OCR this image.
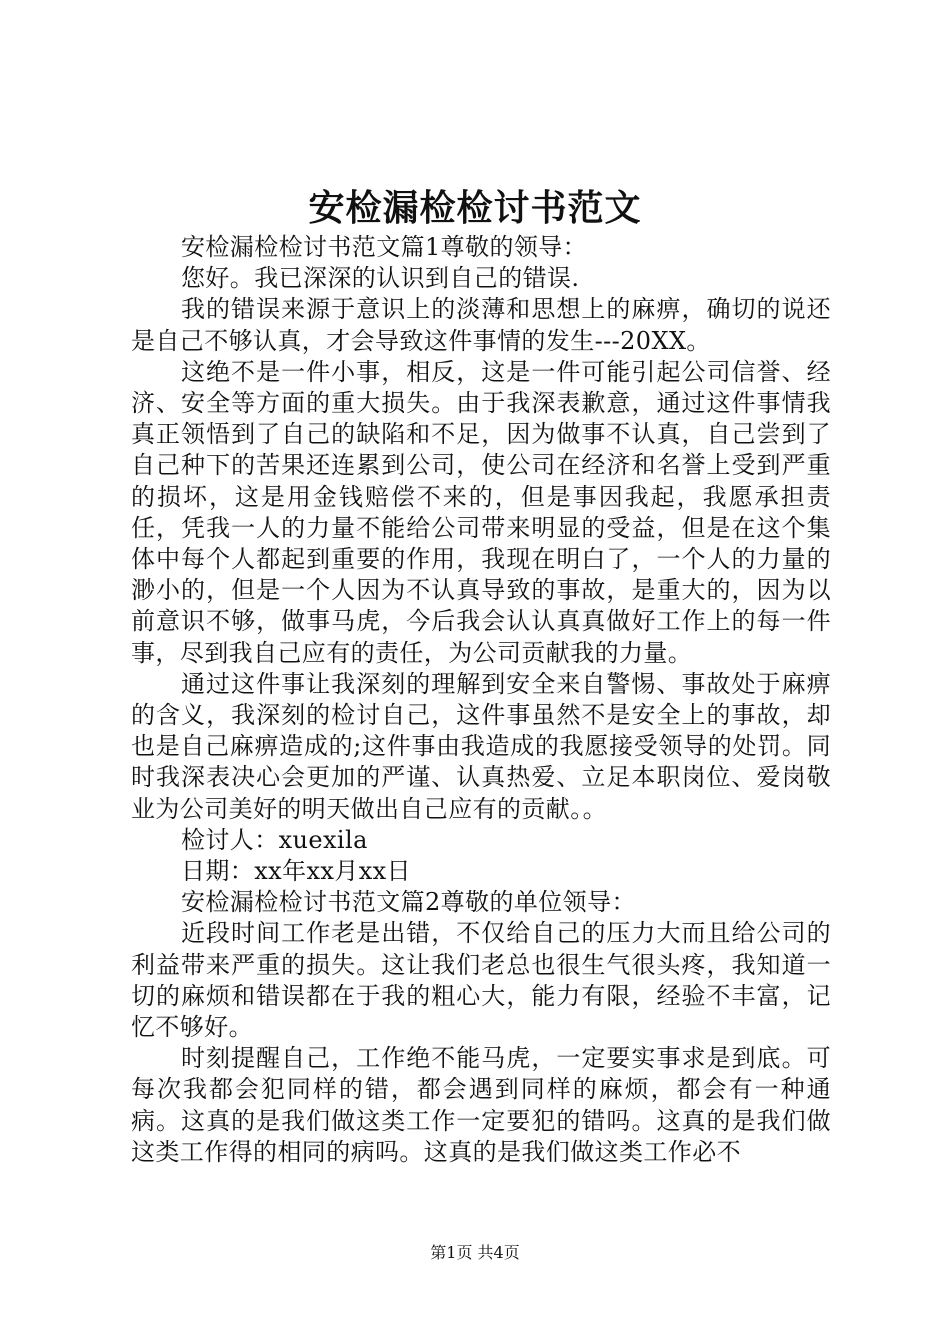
安检漏检检讨书范文

安检漏检检讨书范文篇1尊敬的领导：

您好。我已深深的认识到自己的错误.

我的错误来源于意识上的淡薄和思想上的麻痹，确切的说还是自己不够认真，才会导致这件事情的发生---20XX。

这绝不是一件小事，相反，这是一件可能引起公司信誉、经济、安全等方面的重大损失。由于我深表歉意，通过这件事情我真正领悟到了自己的缺陷和不足，因为做事不认真，自己尝到了自己种下的苦果还连累到公司，使公司在经济和名誉上受到严重的损坏，这是用金钱赔偿不来的，但是事因我起，我愿承担责任，凭我一人的力量不能给公司带来明显的受益，但是在这个集体中每个人都起到重要的作用，我现在明白了，一个人的力量的渺小的，但是一个人因为不认真导致的事故，是重大的，因为以前意识不够，做事马虎，今后我会认认真真做好工作上的每一件事，尽到我自己应有的责任，为公司贡献我的力量。

通过这件事让我深刻的理解到安全来自警惕、事故处于麻痹的含义，我深刻的检讨自己，这件事虽然不是安全上的事故，却也是自己麻痹造成的;这件事由我造成的我愿接受领导的处罚。同时我深表决心会更加的严谨、认真热爱、立足本职岗位、爱岗敬业为公司美好的明天做出自己应有的贡献。。

检讨人：xuexila

日期：xx年xx月xx日

安检漏检检讨书范文篇2尊敬的单位领导：

近段时间工作老是出错，不仅给自己的压力大而且给公司的利益带来严重的损失。这让我们老总也很生气很头疼，我知道一切的麻烦和错误都在于我的粗心大，能力有限，经验不丰富，记忆不够好。

时刻提醒自己，工作绝不能马虎，一定要实事求是到底。可每次我都会犯同样的错，都会遇到同样的麻烦，都会有一种通病。这真的是我们做这类工作一定要犯的错吗。这真的是我们做这类工作得的相同的病吗。这真的是我们做这类工作必不

第1页 共4页
